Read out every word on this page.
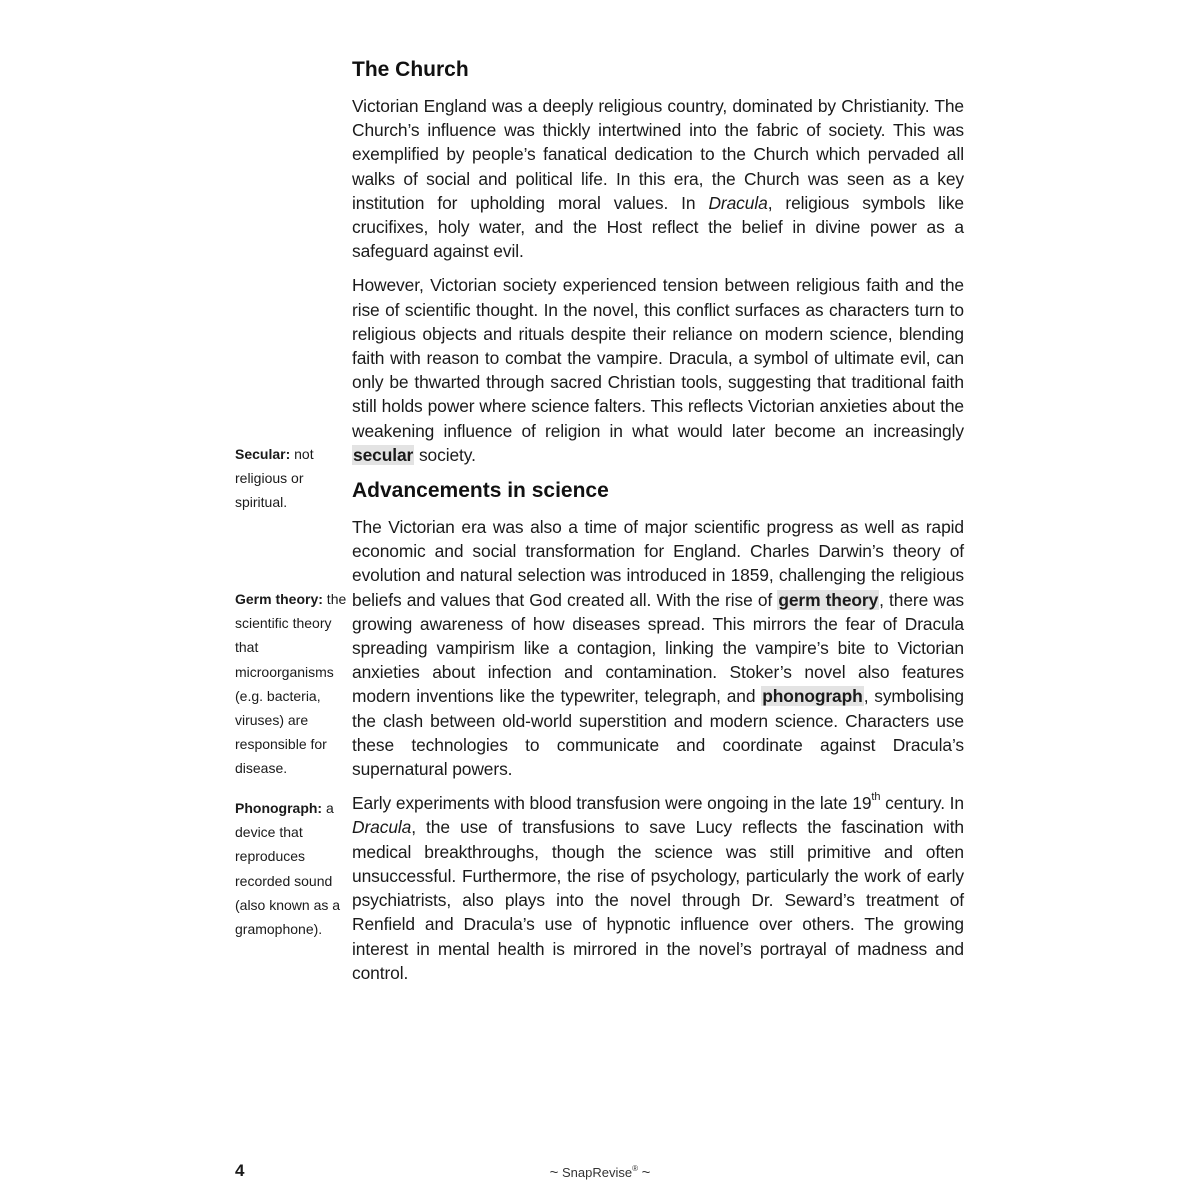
The Church

Victorian England was a deeply religious country, dominated by Christianity. The Church’s influence was thickly intertwined into the fabric of society. This was exemplified by people’s fanatical dedication to the Church which pervaded all walks of social and political life. In this era, the Church was seen as a key institution for upholding moral values. In Dracula, religious symbols like crucifixes, holy water, and the Host reflect the belief in divine power as a safeguard against evil.

However, Victorian society experienced tension between religious faith and the rise of scientific thought. In the novel, this conflict surfaces as characters turn to religious objects and rituals despite their reliance on modern science, blending faith with reason to combat the vampire. Dracula, a symbol of ultimate evil, can only be thwarted through sacred Christian tools, suggesting that traditional faith still holds power where science falters. This reflects Victorian anxieties about the weakening influence of religion in what would later become an increasingly secular society.

Advancements in science

The Victorian era was also a time of major scientific progress as well as rapid economic and social transformation for England. Charles Darwin’s theory of evolution and natural selection was introduced in 1859, challenging the religious beliefs and values that God created all. With the rise of germ theory, there was growing awareness of how diseases spread. This mirrors the fear of Dracula spreading vampirism like a contagion, linking the vampire’s bite to Victorian anxieties about infection and contamination. Stoker’s novel also features modern inventions like the typewriter, telegraph, and phonograph, symbolising the clash between old-world superstition and modern science. Characters use these technologies to communicate and coordinate against Dracula’s supernatural powers.

Early experiments with blood transfusion were ongoing in the late 19th century. In Dracula, the use of transfusions to save Lucy reflects the fascination with medical breakthroughs, though the science was still primitive and often unsuccessful. Furthermore, the rise of psychology, particularly the work of early psychiatrists, also plays into the novel through Dr. Seward’s treatment of Renfield and Dracula’s use of hypnotic influence over others. The growing interest in mental health is mirrored in the novel’s portrayal of madness and control.

Secular: not religious or spiritual.
Germ theory: the scientific theory that microorganisms (e.g. bacteria, viruses) are responsible for disease.
Phonograph: a device that reproduces recorded sound (also known as a gramophone).
4	~ SnapRevise® ~
